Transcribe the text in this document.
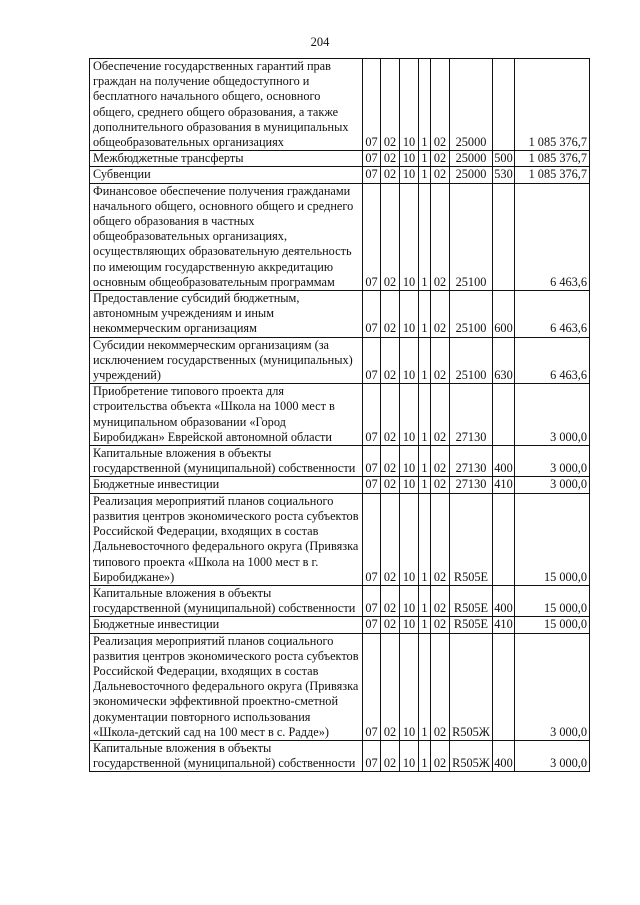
204
Обеспечение государственных гарантий прав граждан на получение общедоступного и бесплатного начального общего, основного общего, среднего общего образования, а также дополнительного образования в муниципальных общеобразовательных организациях	07	02	10	1	02	25000		1 085 376,7
Межбюджетные трансферты	07	02	10	1	02	25000	500	1 085 376,7
Субвенции	07	02	10	1	02	25000	530	1 085 376,7
Финансовое обеспечение получения гражданами начального общего, основного общего и среднего общего образования в частных общеобразовательных организациях, осуществляющих образовательную деятельность по имеющим государственную аккредитацию основным общеобразовательным программам	07	02	10	1	02	25100		6 463,6
Предоставление субсидий бюджетным, автономным учреждениям и иным некоммерческим организациям	07	02	10	1	02	25100	600	6 463,6
Субсидии некоммерческим организациям (за исключением государственных (муниципальных) учреждений)	07	02	10	1	02	25100	630	6 463,6
Приобретение типового проекта для строительства объекта «Школа на 1000 мест в муниципальном образовании «Город Биробиджан» Еврейской автономной области	07	02	10	1	02	27130		3 000,0
Капитальные вложения в объекты государственной (муниципальной) собственности	07	02	10	1	02	27130	400	3 000,0
Бюджетные инвестиции	07	02	10	1	02	27130	410	3 000,0
Реализация мероприятий планов социального развития центров экономического роста субъектов Российской Федерации, входящих в состав Дальневосточного федерального округа (Привязка типового проекта «Школа на 1000 мест в г. Биробиджане»)	07	02	10	1	02	R505E		15 000,0
Капитальные вложения в объекты государственной (муниципальной) собственности	07	02	10	1	02	R505E	400	15 000,0
Бюджетные инвестиции	07	02	10	1	02	R505E	410	15 000,0
Реализация мероприятий планов социального развития центров экономического роста субъектов Российской Федерации, входящих в состав Дальневосточного федерального округа (Привязка экономически эффективной проектно-сметной документации повторного использования «Школа-детский сад на 100 мест в с. Радде»)	07	02	10	1	02	R505Ж		3 000,0
Капитальные вложения в объекты государственной (муниципальной) собственности	07	02	10	1	02	R505Ж	400	3 000,0
